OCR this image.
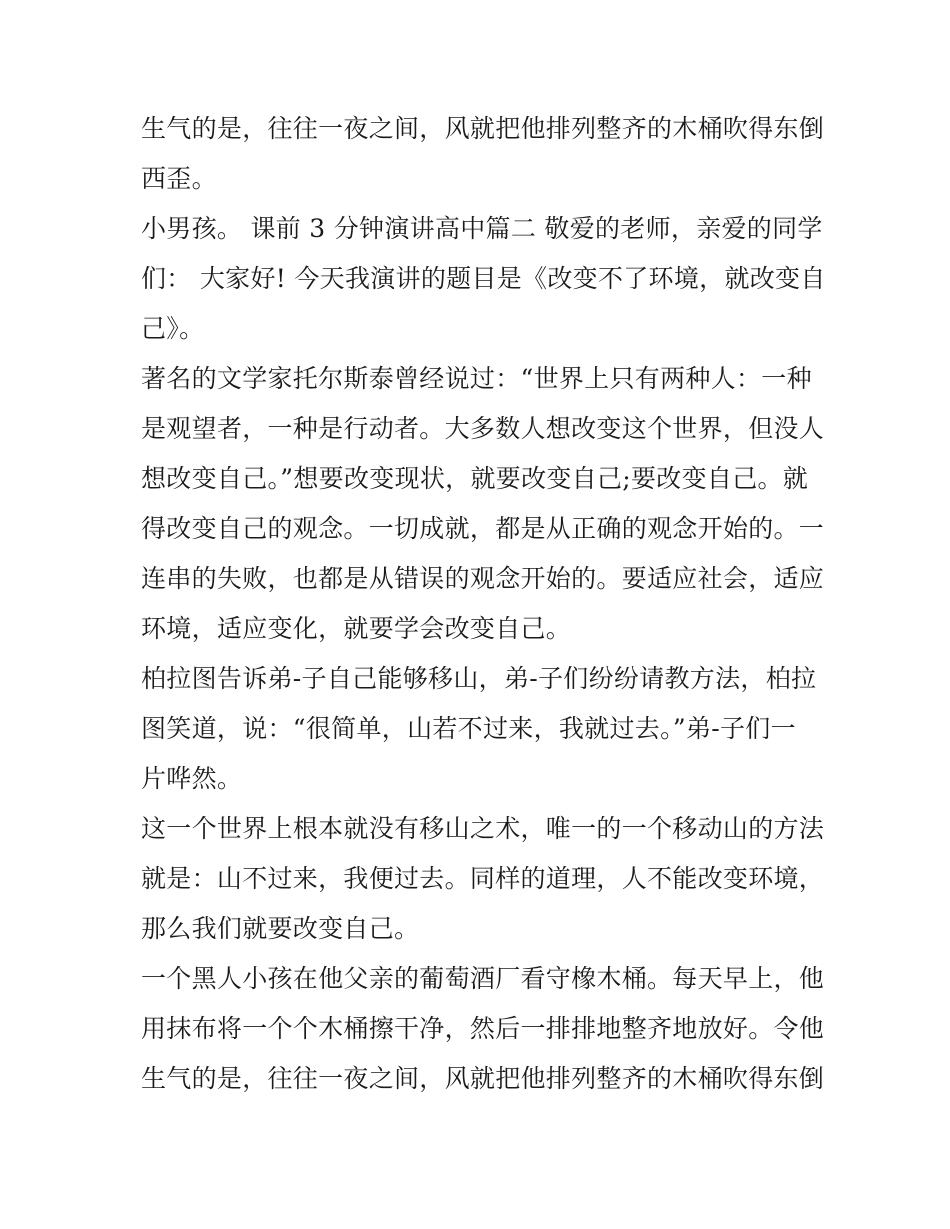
生气的是，往往一夜之间，风就把他排列整齐的木桶吹得东倒
西歪。

小男孩。 课前 3 分钟演讲高中篇二 敬爱的老师，亲爱的同学
们： 大家好! 今天我演讲的题目是《改变不了环境，就改变自
己》。

著名的文学家托尔斯泰曾经说过：“世界上只有两种人：一种
是观望者，一种是行动者。大多数人想改变这个世界，但没人
想改变自己。”想要改变现状，就要改变自己;要改变自己。就
得改变自己的观念。一切成就，都是从正确的观念开始的。一
连串的失败，也都是从错误的观念开始的。要适应社会，适应
环境，适应变化，就要学会改变自己。

柏拉图告诉弟-子自己能够移山，弟-子们纷纷请教方法，柏拉
图笑道，说：“很简单，山若不过来，我就过去。”弟-子们一
片哗然。

这一个世界上根本就没有移山之术，唯一的一个移动山的方法
就是：山不过来，我便过去。同样的道理，人不能改变环境，
那么我们就要改变自己。

一个黑人小孩在他父亲的葡萄酒厂看守橡木桶。每天早上，他
用抹布将一个个木桶擦干净，然后一排排地整齐地放好。令他
生气的是，往往一夜之间，风就把他排列整齐的木桶吹得东倒
